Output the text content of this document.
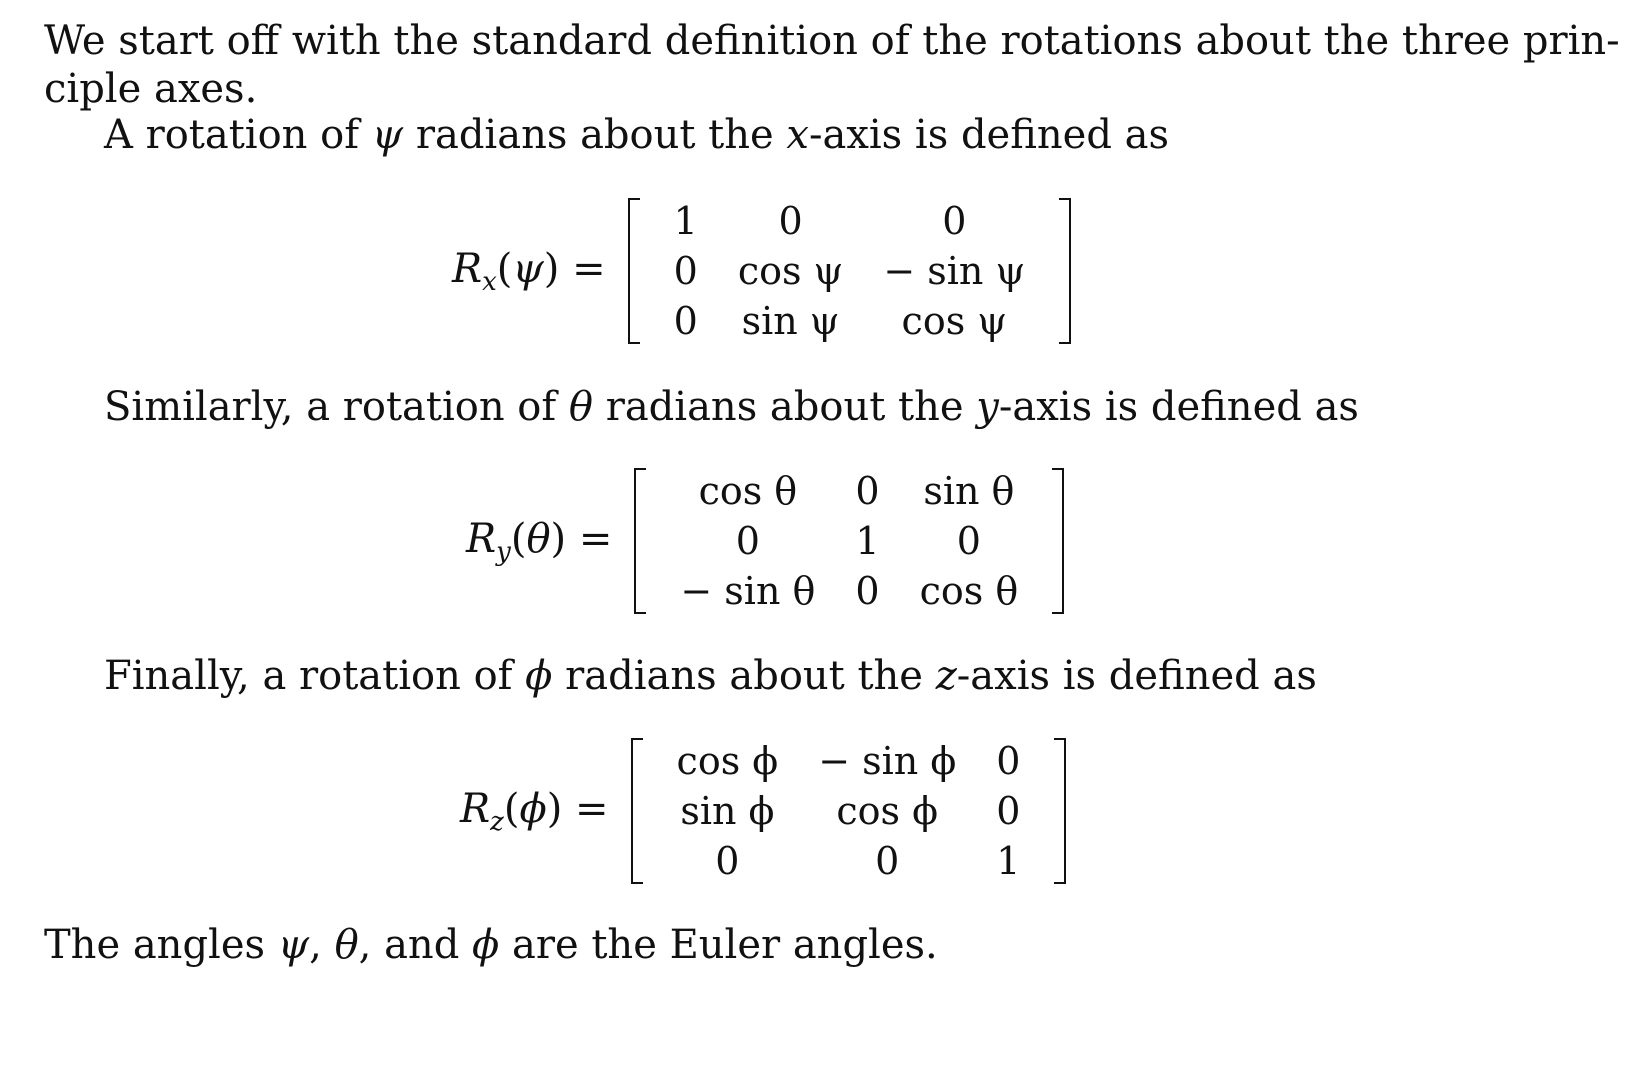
We start off with the standard definition of the rotations about the three prin-
ciple axes.
A rotation of ψ radians about the x-axis is defined as
$R_x(\psi)$ =
1	0	0
0	cos ψ	− sin ψ
0	sin ψ	cos ψ
Similarly, a rotation of θ radians about the y-axis is defined as
$R_y(\theta)$ =
cos θ	0	sin θ
0	1	0
− sin θ	0	cos θ
Finally, a rotation of ϕ radians about the z-axis is defined as
$R_z(\phi)$ =
cos ϕ	− sin ϕ	0
sin ϕ	cos ϕ	0
0	0	1
The angles ψ, θ, and ϕ are the Euler angles.
